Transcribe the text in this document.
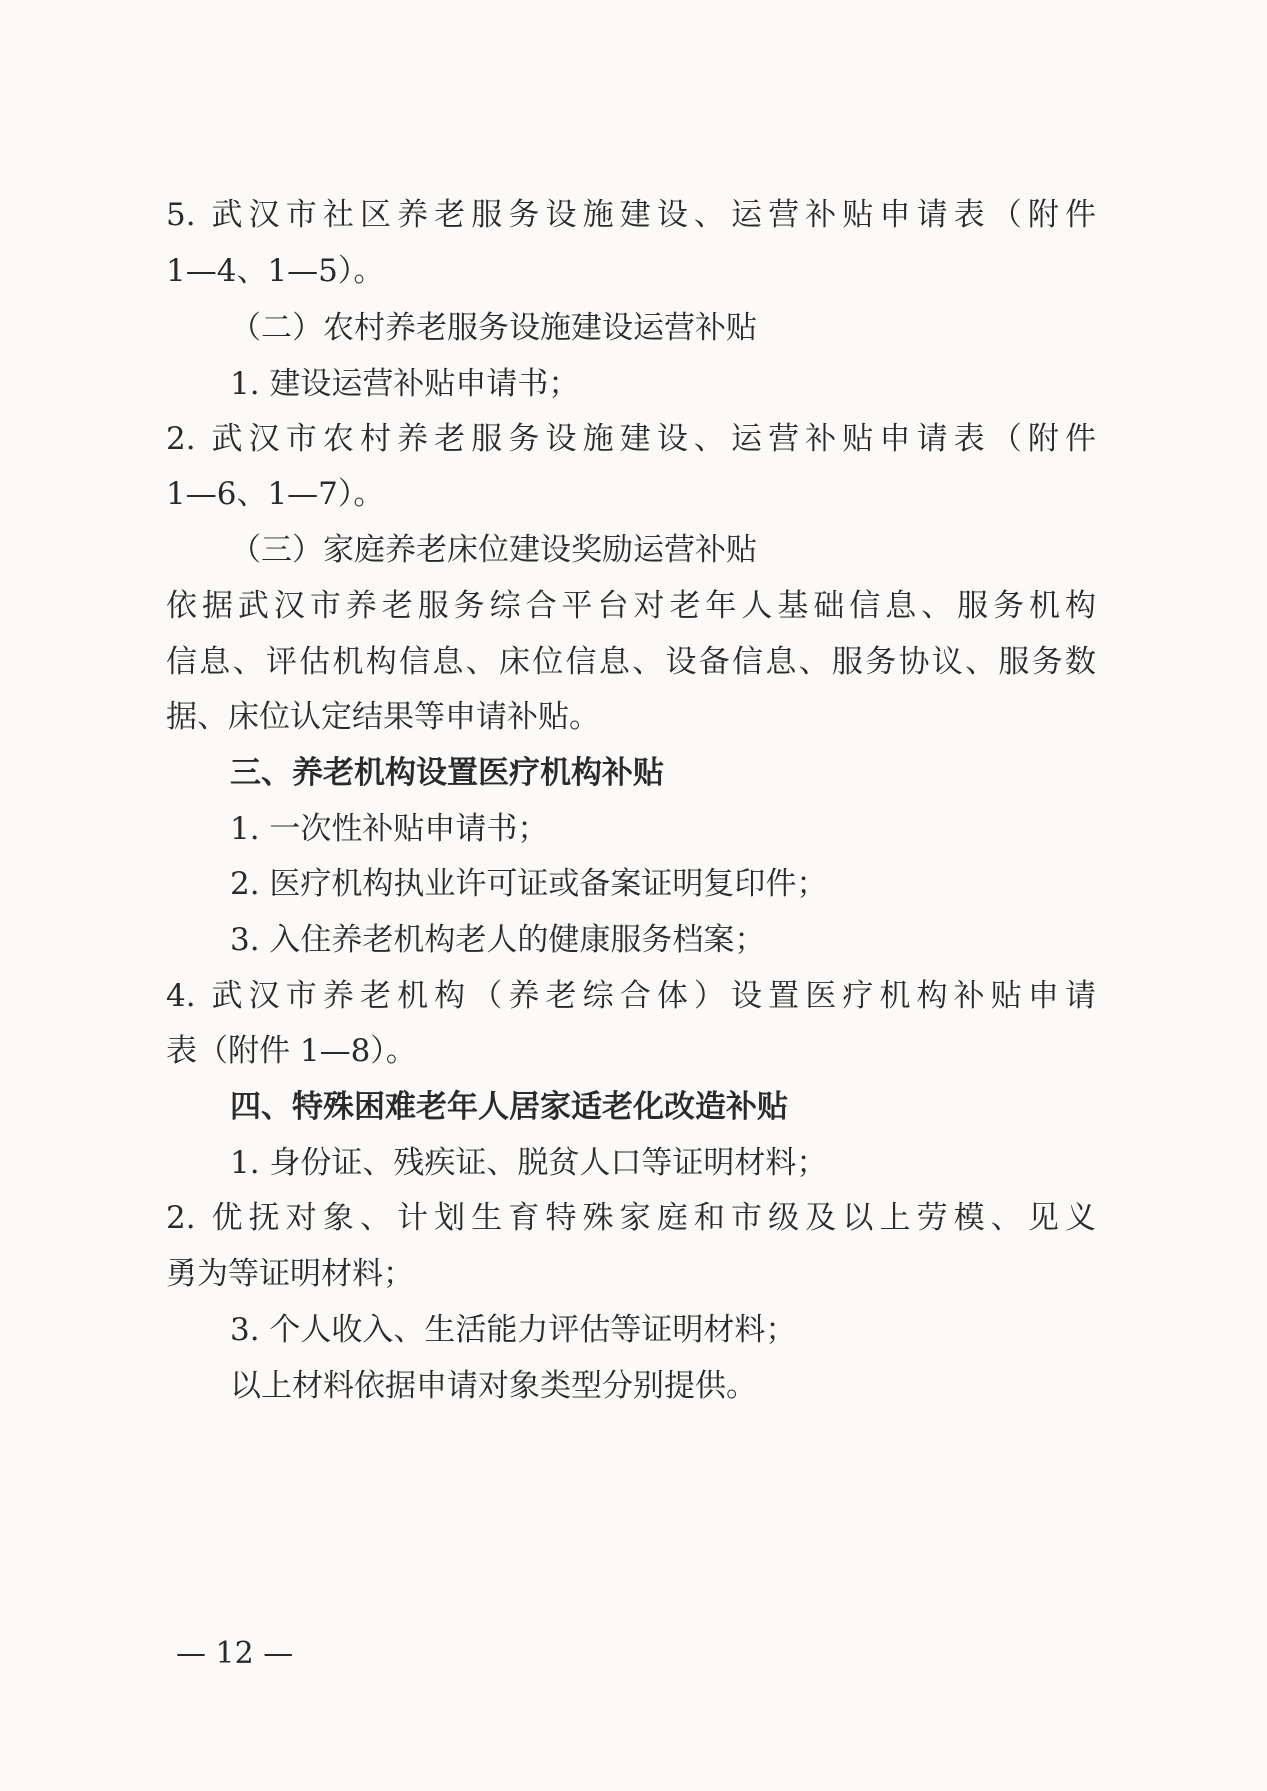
5. 武汉市社区养老服务设施建设、运营补贴申请表（附件
1—4、1—5）。
（二）农村养老服务设施建设运营补贴
1. 建设运营补贴申请书；
2. 武汉市农村养老服务设施建设、运营补贴申请表（附件
1—6、1—7）。
（三）家庭养老床位建设奖励运营补贴
依据武汉市养老服务综合平台对老年人基础信息、服务机构
信息、评估机构信息、床位信息、设备信息、服务协议、服务数
据、床位认定结果等申请补贴。
三、养老机构设置医疗机构补贴
1. 一次性补贴申请书；
2. 医疗机构执业许可证或备案证明复印件；
3. 入住养老机构老人的健康服务档案；
4. 武汉市养老机构（养老综合体）设置医疗机构补贴申请
表（附件 1—8）。
四、特殊困难老年人居家适老化改造补贴
1. 身份证、残疾证、脱贫人口等证明材料；
2. 优抚对象、计划生育特殊家庭和市级及以上劳模、见义
勇为等证明材料；
3. 个人收入、生活能力评估等证明材料；
以上材料依据申请对象类型分别提供。
— 12 —
